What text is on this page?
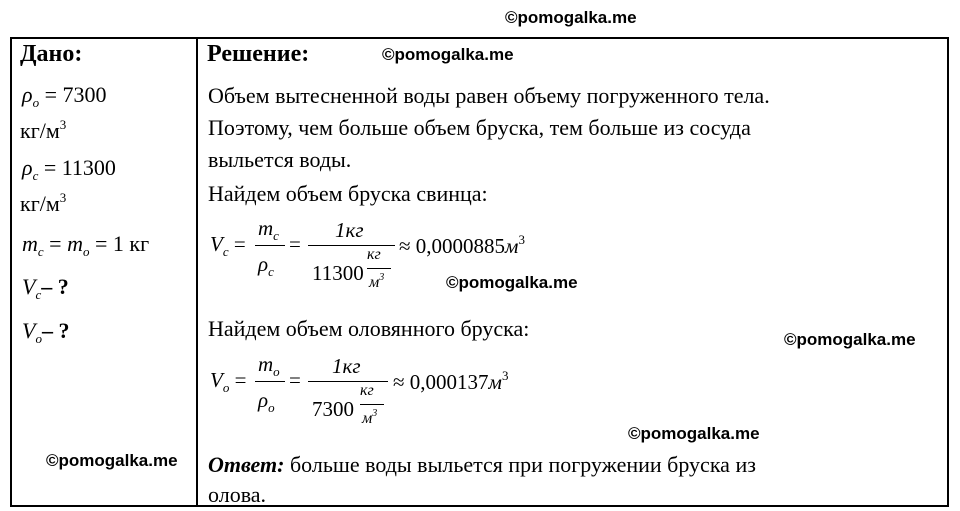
©pomogalka.me
©pomogalka.me
©pomogalka.me
©pomogalka.me
©pomogalka.me
©pomogalka.me
Дано:
$\rho_o = 7300$
$кг/м^3$
$\rho_c = 11300$
$кг/м^3$
$m_c = m_o = 1$ кг
$V_c-$ ?
$V_o-$ ?
Решение:
Объем вытесненной воды равен объему погруженного тела.
Поэтому, чем больше объем бруска, тем больше из сосуда
выльется воды.
Найдем объем бруска свинца:
$V_c$ =
$m_c$
$\rho_c$
=
1кг
11300
кг
$м^3$
≈ $0,0000885м^3$
Найдем объем оловянного бруска:
$V_o$ =
$m_o$
$\rho_o$
=
1кг
7300
кг
$м^3$
≈ $0,000137м^3$
Ответ: больше воды выльется при погружении бруска из
олова.
